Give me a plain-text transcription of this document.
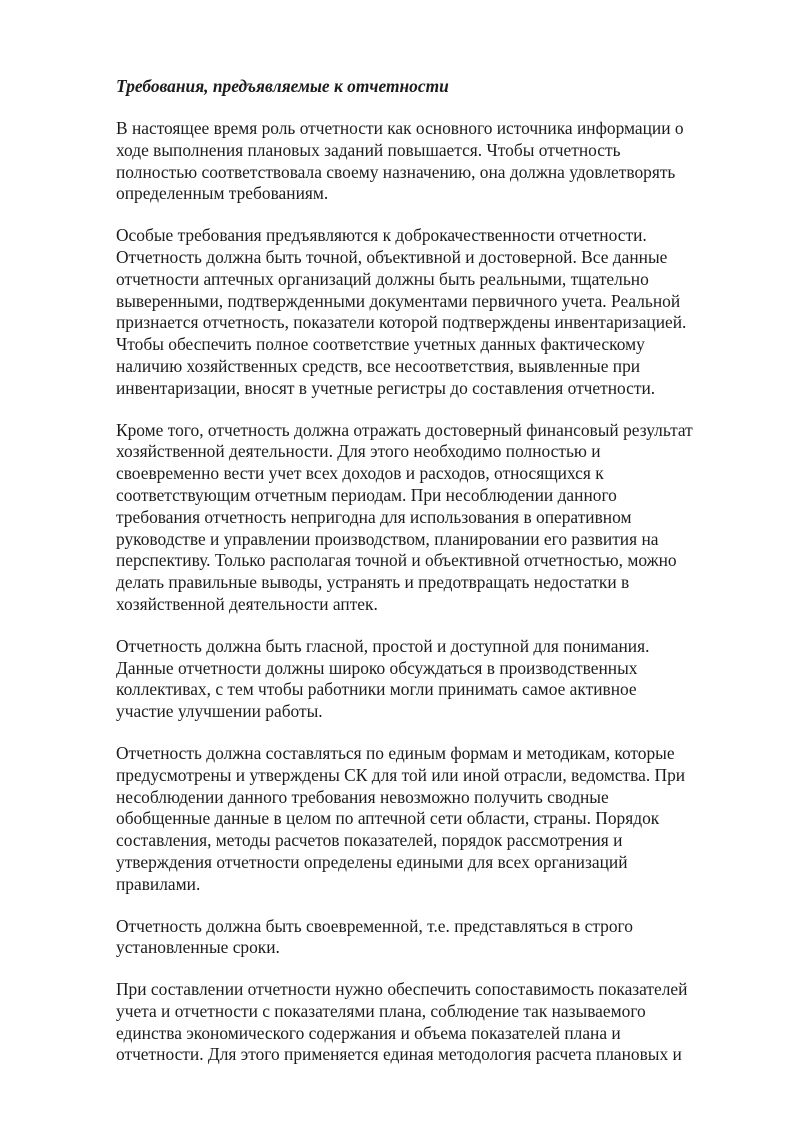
Требования, предъявляемые к отчетности

В настоящее время роль отчетности как основного источника информации о
ходе выполнения плановых заданий повышается. Чтобы отчетность
полностью соответствовала своему назначению, она должна удовлетворять
определенным требованиям.

Особые требования предъявляются к доброкачественности отчетности.
Отчетность должна быть точной, объективной и достоверной. Все данные
отчетности аптечных организаций должны быть реальными, тщательно
выверенными, подтвержденными документами первичного учета. Реальной
признается отчетность, показатели которой подтверждены инвентаризацией.
Чтобы обеспечить полное соответствие учетных данных фактическому
наличию хозяйственных средств, все несоответствия, выявленные при
инвентаризации, вносят в учетные регистры до составления отчетности.

Кроме того, отчетность должна отражать достоверный финансовый результат
хозяйственной деятельности. Для этого необходимо полностью и
своевременно вести учет всех доходов и расходов, относящихся к
соответствующим отчетным периодам. При несоблюдении данного
требования отчетность непригодна для использования в оперативном
руководстве и управлении производством, планировании его развития на
перспективу. Только располагая точной и объективной отчетностью, можно
делать правильные выводы, устранять и предотвращать недостатки в
хозяйственной деятельности аптек.

Отчетность должна быть гласной, простой и доступной для понимания.
Данные отчетности должны широко обсуждаться в производственных
коллективах, с тем чтобы работники могли принимать самое активное
участие улучшении работы.

Отчетность должна составляться по единым формам и методикам, которые
предусмотрены и утверждены СК для той или иной отрасли, ведомства. При
несоблюдении данного требования невозможно получить сводные
обобщенные данные в целом по аптечной сети области, страны. Порядок
составления, методы расчетов показателей, порядок рассмотрения и
утверждения отчетности определены едиными для всех организаций
правилами.

Отчетность должна быть своевременной, т.е. представляться в строго
установленные сроки.

При составлении отчетности нужно обеспечить сопоставимость показателей
учета и отчетности с показателями плана, соблюдение так называемого
единства экономического содержания и объема показателей плана и
отчетности. Для этого применяется единая методология расчета плановых и
